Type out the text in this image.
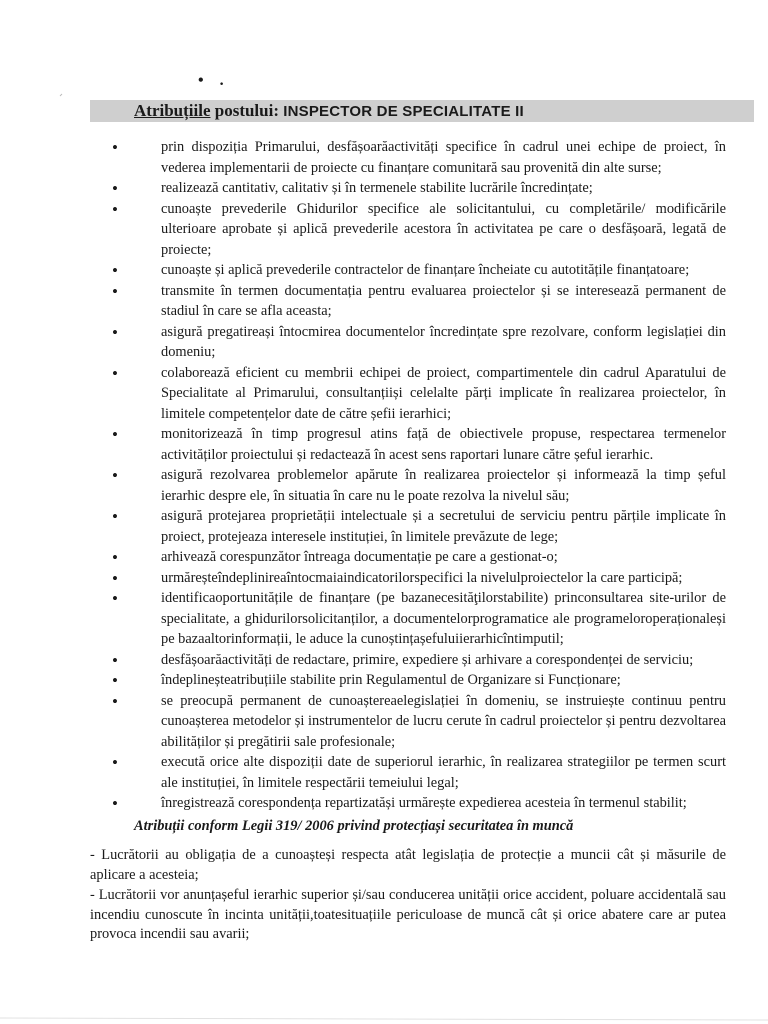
• .
Atribuțiile postului: INSPECTOR DE SPECIALITATE II
• prin dispoziția Primarului, desfășoarăactivități specifice în cadrul unei echipe de proiect, în vederea implementarii de proiecte cu finanțare comunitară sau provenită din alte surse;
• realizează cantitativ, calitativ și în termenele stabilite lucrările încredințate;
• cunoaște prevederile Ghidurilor specifice ale solicitantului, cu completările/ modificările ulterioare aprobate și aplică prevederile acestora în activitatea pe care o desfășoară, legată de proiecte;
• cunoaște și aplică prevederile contractelor de finanțare încheiate cu autotitățile finanțatoare;
• transmite în termen documentația pentru evaluarea proiectelor și se interesează permanent de stadiul în care se afla aceasta;
• asigură pregatireași întocmirea documentelor încredințate spre rezolvare, conform legislației din domeniu;
• colaborează eficient cu membrii echipei de proiect, compartimentele din cadrul Aparatului de Specialitate al Primarului, consultanțiiși celelalte părți implicate în realizarea proiectelor, în limitele competențelor date de către șefii ierarhici;
• monitorizează în timp progresul atins față de obiectivele propuse, respectarea termenelor activităților proiectului și redactează în acest sens raportari lunare către șeful ierarhic.
• asigură rezolvarea problemelor apărute în realizarea proiectelor și informează la timp șeful ierarhic despre ele, în situatia în care nu le poate rezolva la nivelul său;
• asigură protejarea proprietății intelectuale și a secretului de serviciu pentru părțile implicate în proiect, protejeaza interesele instituției, în limitele prevăzute de lege;
• arhivează corespunzător întreaga documentație pe care a gestionat-o;
• urmăreșteîndeplinireaîntocmaiaindicatorilorspecifici la nivelulproiectelor la care participă;
• identificaoportunitățile de finanțare (pe bazanecesităţilorstabilite) princonsultarea site-urilor de specialitate, a ghidurilorsolicitanților, a documentelorprogramatice ale programeloroperaționaleși pe bazaaltorinformații, le aduce la cunoștințașefuluiierarhicîntimputil;
• desfășoarăactivități de redactare, primire, expediere și arhivare a corespondenței de serviciu;
• îndeplineșteatribuțiile stabilite prin Regulamentul de Organizare si Funcționare;
• se preocupă permanent de cunoaștereaelegislației în domeniu, se instruiește continuu pentru cunoașterea metodelor și instrumentelor de lucru cerute în cadrul proiectelor și pentru dezvoltarea abilităților și pregătirii sale profesionale;
• execută orice alte dispoziții date de superiorul ierarhic, în realizarea strategiilor pe termen scurt ale instituției, în limitele respectării temeiului legal;
• înregistrează corespondența repartizatăși urmărește expedierea acesteia în termenul stabilit;
Atribuții conform Legii 319/ 2006 privind protecțiași securitatea în muncă
- Lucrătorii au obligația de a cunoașteși respecta atât legislația de protecție a muncii cât și măsurile de aplicare a acesteia;
- Lucrătorii vor anunțașeful ierarhic superior și/sau conducerea unității orice accident, poluare accidentală sau incendiu cunoscute în incinta unității,toatesituațiile periculoase de muncă cât și orice abatere care ar putea provoca incendii sau avarii;
